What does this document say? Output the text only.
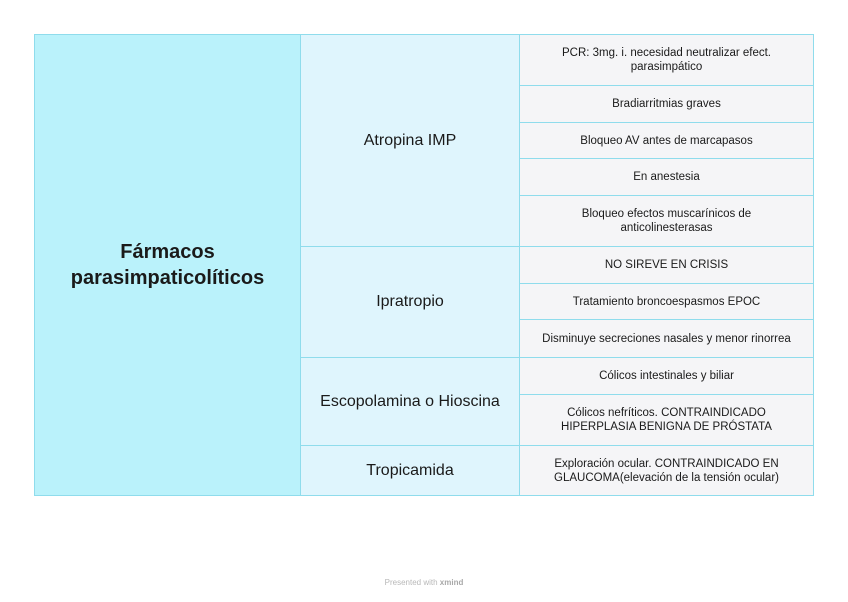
Fármacos parasimpaticolíticos
Atropina IMP
PCR: 3mg. i. necesidad neutralizar efect. parasimpático
Bradiarritmias graves
Bloqueo AV antes de marcapasos
En anestesia
Bloqueo efectos muscarínicos de anticolinesterasas
Ipratropio
NO SIREVE EN CRISIS
Tratamiento broncoespasmos EPOC
Disminuye secreciones nasales y menor rinorrea
Escopolamina o Hioscina
Cólicos intestinales y biliar
Cólicos nefríticos. CONTRAINDICADO HIPERPLASIA BENIGNA DE PRÓSTATA
Tropicamida	Exploración ocular. CONTRAINDICADO EN GLAUCOMA(elevación de la tensión ocular)
Presented with xmind
